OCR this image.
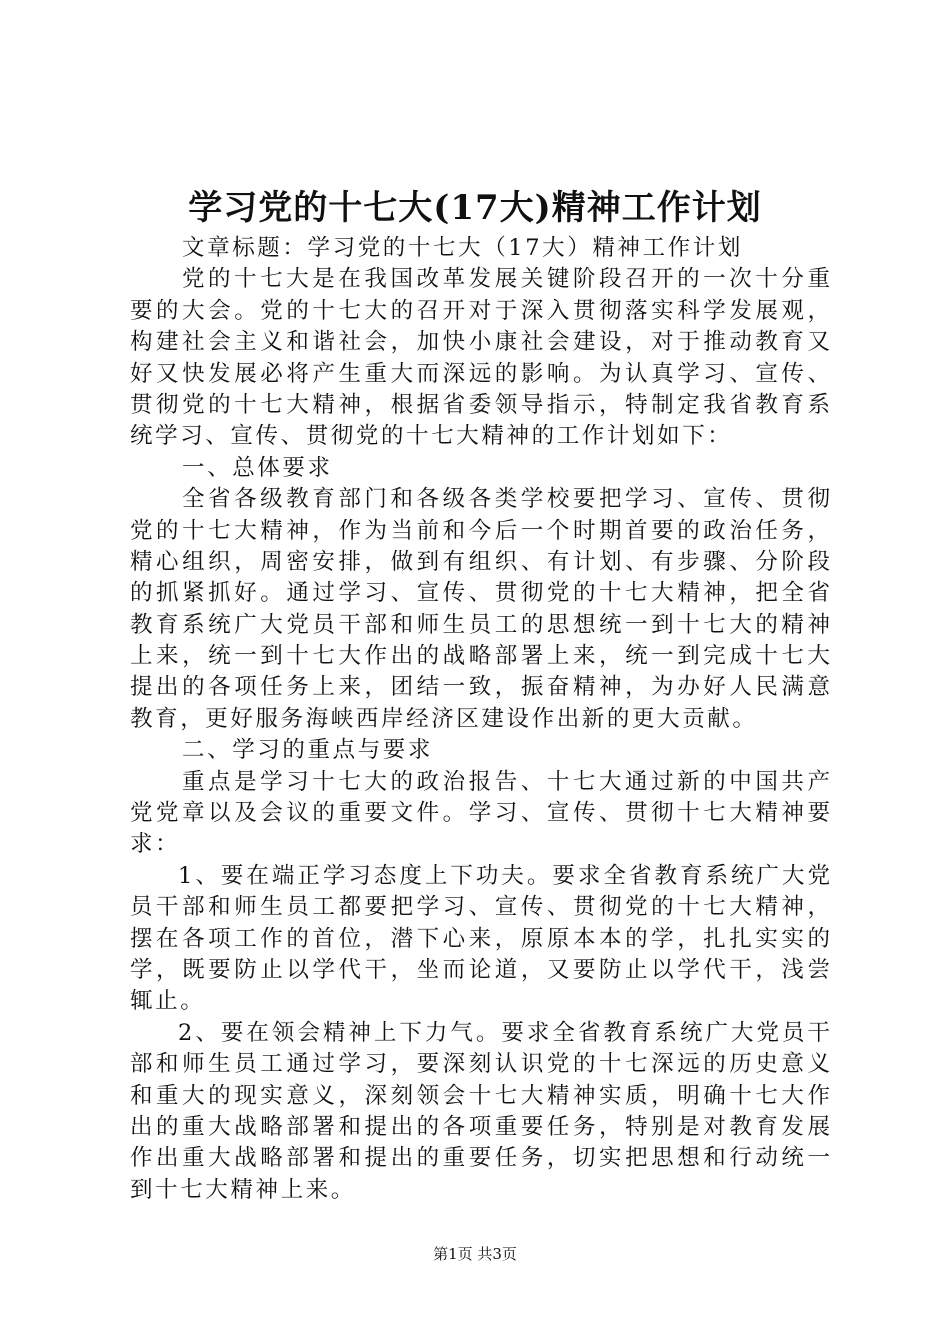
学习党的十七大(17大)精神工作计划
文章标题：学习党的十七大（17大）精神工作计划
党的十七大是在我国改革发展关键阶段召开的一次十分重
要的大会。党的十七大的召开对于深入贯彻落实科学发展观，
构建社会主义和谐社会，加快小康社会建设，对于推动教育又
好又快发展必将产生重大而深远的影响。为认真学习、宣传、
贯彻党的十七大精神，根据省委领导指示，特制定我省教育系
统学习、宣传、贯彻党的十七大精神的工作计划如下：
一、总体要求
全省各级教育部门和各级各类学校要把学习、宣传、贯彻
党的十七大精神，作为当前和今后一个时期首要的政治任务，
精心组织，周密安排，做到有组织、有计划、有步骤、分阶段
的抓紧抓好。通过学习、宣传、贯彻党的十七大精神，把全省
教育系统广大党员干部和师生员工的思想统一到十七大的精神
上来，统一到十七大作出的战略部署上来，统一到完成十七大
提出的各项任务上来，团结一致，振奋精神，为办好人民满意
教育，更好服务海峡西岸经济区建设作出新的更大贡献。
二、学习的重点与要求
重点是学习十七大的政治报告、十七大通过新的中国共产
党党章以及会议的重要文件。学习、宣传、贯彻十七大精神要
求：
1、要在端正学习态度上下功夫。要求全省教育系统广大党
员干部和师生员工都要把学习、宣传、贯彻党的十七大精神，
摆在各项工作的首位，潜下心来，原原本本的学，扎扎实实的
学，既要防止以学代干，坐而论道，又要防止以学代干，浅尝
辄止。
2、要在领会精神上下力气。要求全省教育系统广大党员干
部和师生员工通过学习，要深刻认识党的十七深远的历史意义
和重大的现实意义，深刻领会十七大精神实质，明确十七大作
出的重大战略部署和提出的各项重要任务，特别是对教育发展
作出重大战略部署和提出的重要任务，切实把思想和行动统一
到十七大精神上来。
第1页 共3页
